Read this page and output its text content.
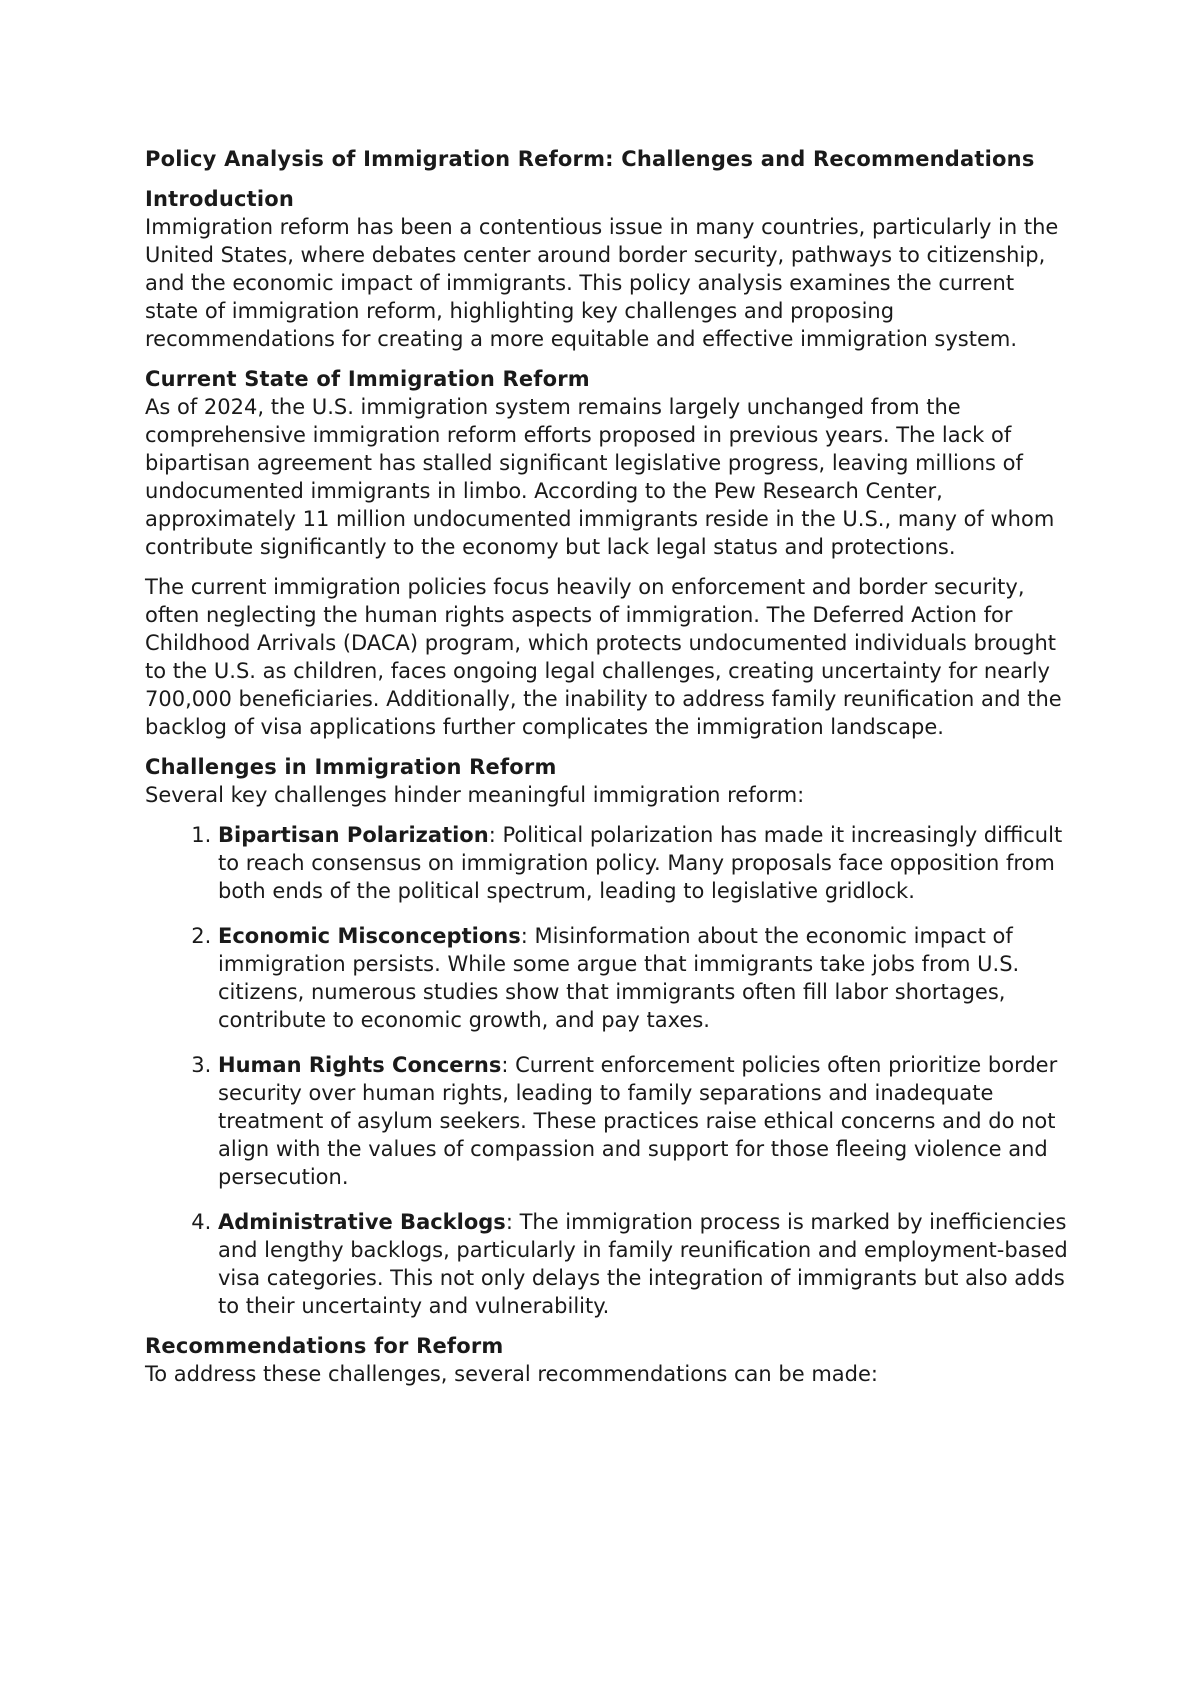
Policy Analysis of Immigration Reform: Challenges and Recommendations
Introduction

Immigration reform has been a contentious issue in many countries, particularly in the United States, where debates center around border security, pathways to citizenship, and the economic impact of immigrants. This policy analysis examines the current state of immigration reform, highlighting key challenges and proposing recommendations for creating a more equitable and effective immigration system.

Current State of Immigration Reform

As of 2024, the U.S. immigration system remains largely unchanged from the comprehensive immigration reform efforts proposed in previous years. The lack of bipartisan agreement has stalled significant legislative progress, leaving millions of undocumented immigrants in limbo. According to the Pew Research Center, approximately 11 million undocumented immigrants reside in the U.S., many of whom contribute significantly to the economy but lack legal status and protections.

The current immigration policies focus heavily on enforcement and border security, often neglecting the human rights aspects of immigration. The Deferred Action for Childhood Arrivals (DACA) program, which protects undocumented individuals brought to the U.S. as children, faces ongoing legal challenges, creating uncertainty for nearly 700,000 beneficiaries. Additionally, the inability to address family reunification and the backlog of visa applications further complicates the immigration landscape.

Challenges in Immigration Reform
Several key challenges hinder meaningful immigration reform:
1. Bipartisan Polarization: Political polarization has made it increasingly difficult to reach consensus on immigration policy. Many proposals face opposition from both ends of the political spectrum, leading to legislative gridlock.
2. Economic Misconceptions: Misinformation about the economic impact of immigration persists. While some argue that immigrants take jobs from U.S. citizens, numerous studies show that immigrants often fill labor shortages, contribute to economic growth, and pay taxes.
3. Human Rights Concerns: Current enforcement policies often prioritize border security over human rights, leading to family separations and inadequate treatment of asylum seekers. These practices raise ethical concerns and do not align with the values of compassion and support for those fleeing violence and persecution.
4. Administrative Backlogs: The immigration process is marked by inefficiencies and lengthy backlogs, particularly in family reunification and employment-based visa categories. This not only delays the integration of immigrants but also adds to their uncertainty and vulnerability.
Recommendations for Reform
To address these challenges, several recommendations can be made:
